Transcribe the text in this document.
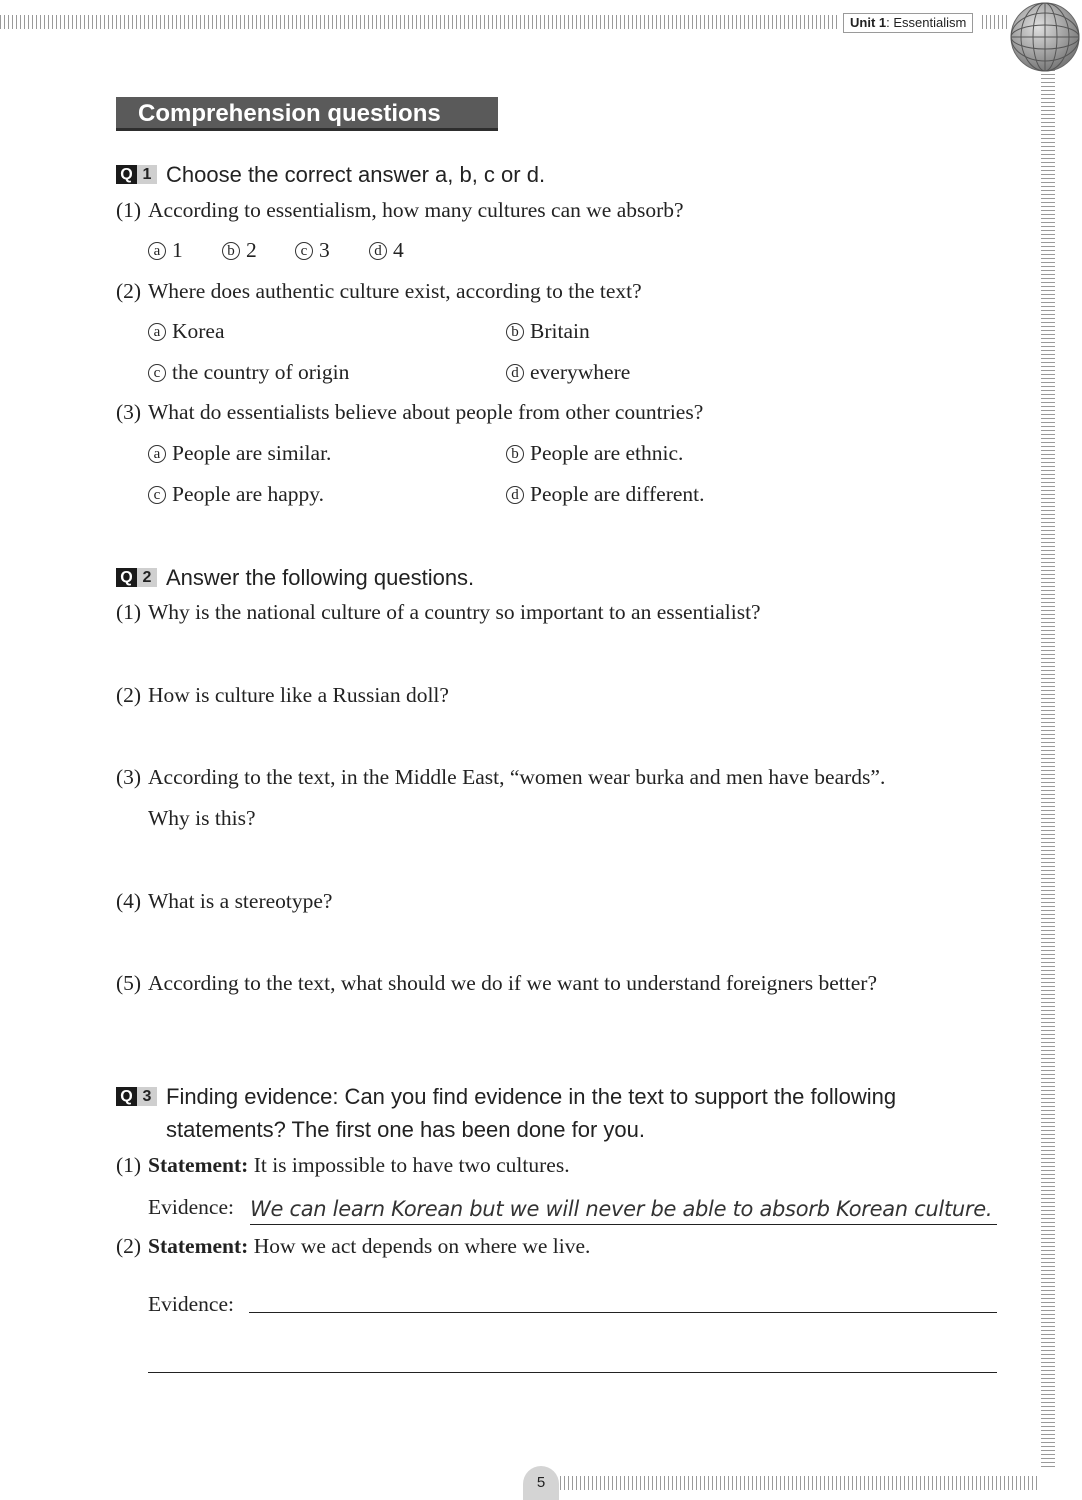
Unit 1: Essentialism
Comprehension questions
Q 1 Choose the correct answer a, b, c or d.
(1) According to essentialism, how many cultures can we absorb?
a 1	b 2	c 3	d 4
(2) Where does authentic culture exist, according to the text?
a Korea	b Britain
c the country of origin	d everywhere
(3) What do essentialists believe about people from other countries?
a People are similar.	b People are ethnic.
c People are happy.	d People are different.
Q 2 Answer the following questions.
(1) Why is the national culture of a country so important to an essentialist?
(2) How is culture like a Russian doll?
(3) According to the text, in the Middle East, “women wear burka and men have beards”.
Why is this?
(4) What is a stereotype?
(5) According to the text, what should we do if we want to understand foreigners better?
Q 3 Finding evidence: Can you find evidence in the text to support the following
statements? The first one has been done for you.
(1) Statement: It is impossible to have two cultures.
Evidence: We can learn Korean but we will never be able to absorb Korean culture.
(2) Statement: How we act depends on where we live.
Evidence:
5
